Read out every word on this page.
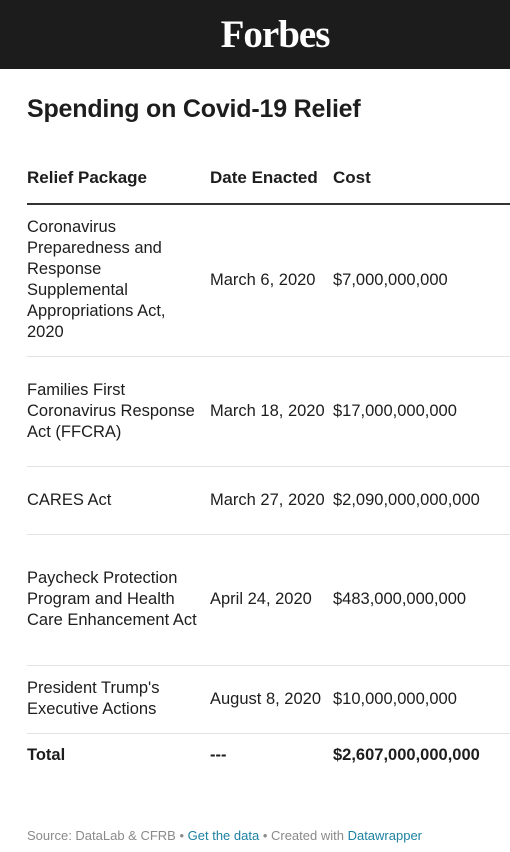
Forbes
Spending on Covid-19 Relief
Relief Package	Date Enacted	Cost
Coronavirus Preparedness and Response Supplemental Appropriations Act, 2020	March 6, 2020	$7,000,000,000
Families First Coronavirus Response Act (FFCRA)	March 18, 2020	$17,000,000,000
CARES Act	March 27, 2020	$2,090,000,000,000
Paycheck Protection Program and Health Care Enhancement Act	April 24, 2020	$483,000,000,000
President Trump's Executive Actions	August 8, 2020	$10,000,000,000
Total	---	$2,607,000,000,000
Source: DataLab & CFRB • Get the data • Created with Datawrapper
